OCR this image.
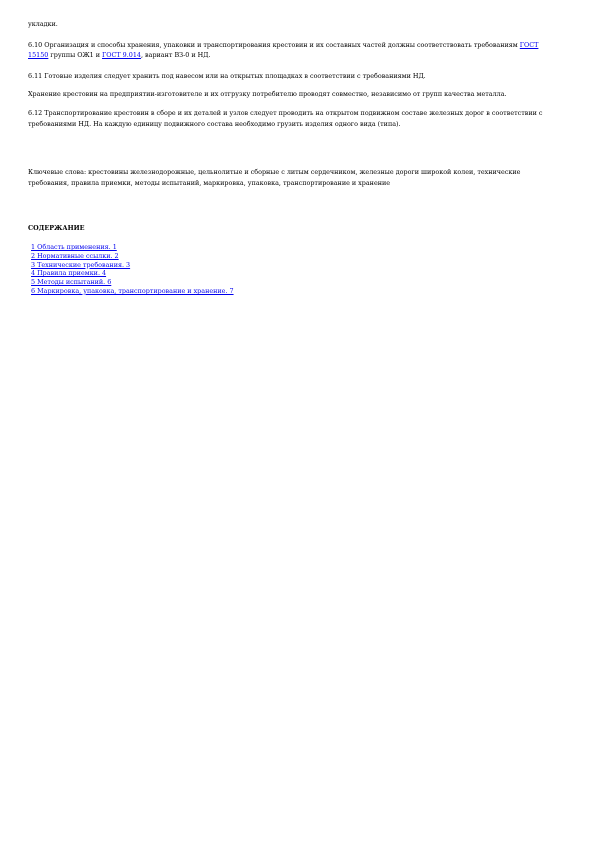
укладки.

6.10 Организация и способы хранения, упаковки и транспортирования крестовин и их составных частей должны соответствовать требованиям ГОСТ 15150 группы ОЖ1 и ГОСТ 9.014, вариант ВЗ-0 и НД.

6.11 Готовые изделия следует хранить под навесом или на открытых площадках в соответствии с требованиями НД.

Хранение крестовин на предприятии-изготовителе и их отгрузку потребителю проводят совместно, независимо от групп качества металла.

6.12 Транспортирование крестовин в сборе и их деталей и узлов следует проводить на открытом подвижном составе железных дорог в соответствии с требованиями НД. На каждую единицу подвижного состава необходимо грузить изделия одного вида (типа).

Ключевые слова: крестовины железнодорожные, цельнолитые и сборные с литым сердечником, железные дороги широкой колеи, технические требования, правила приемки, методы испытаний, маркировка, упаковка, транспортирование и хранение

СОДЕРЖАНИЕ

1 Область применения. 1
2 Нормативные ссылки. 2
3 Технические требования. 3
4 Правила приемки. 4
5 Методы испытаний. 6
6 Маркировка, упаковка, транспортирование и хранение. 7
